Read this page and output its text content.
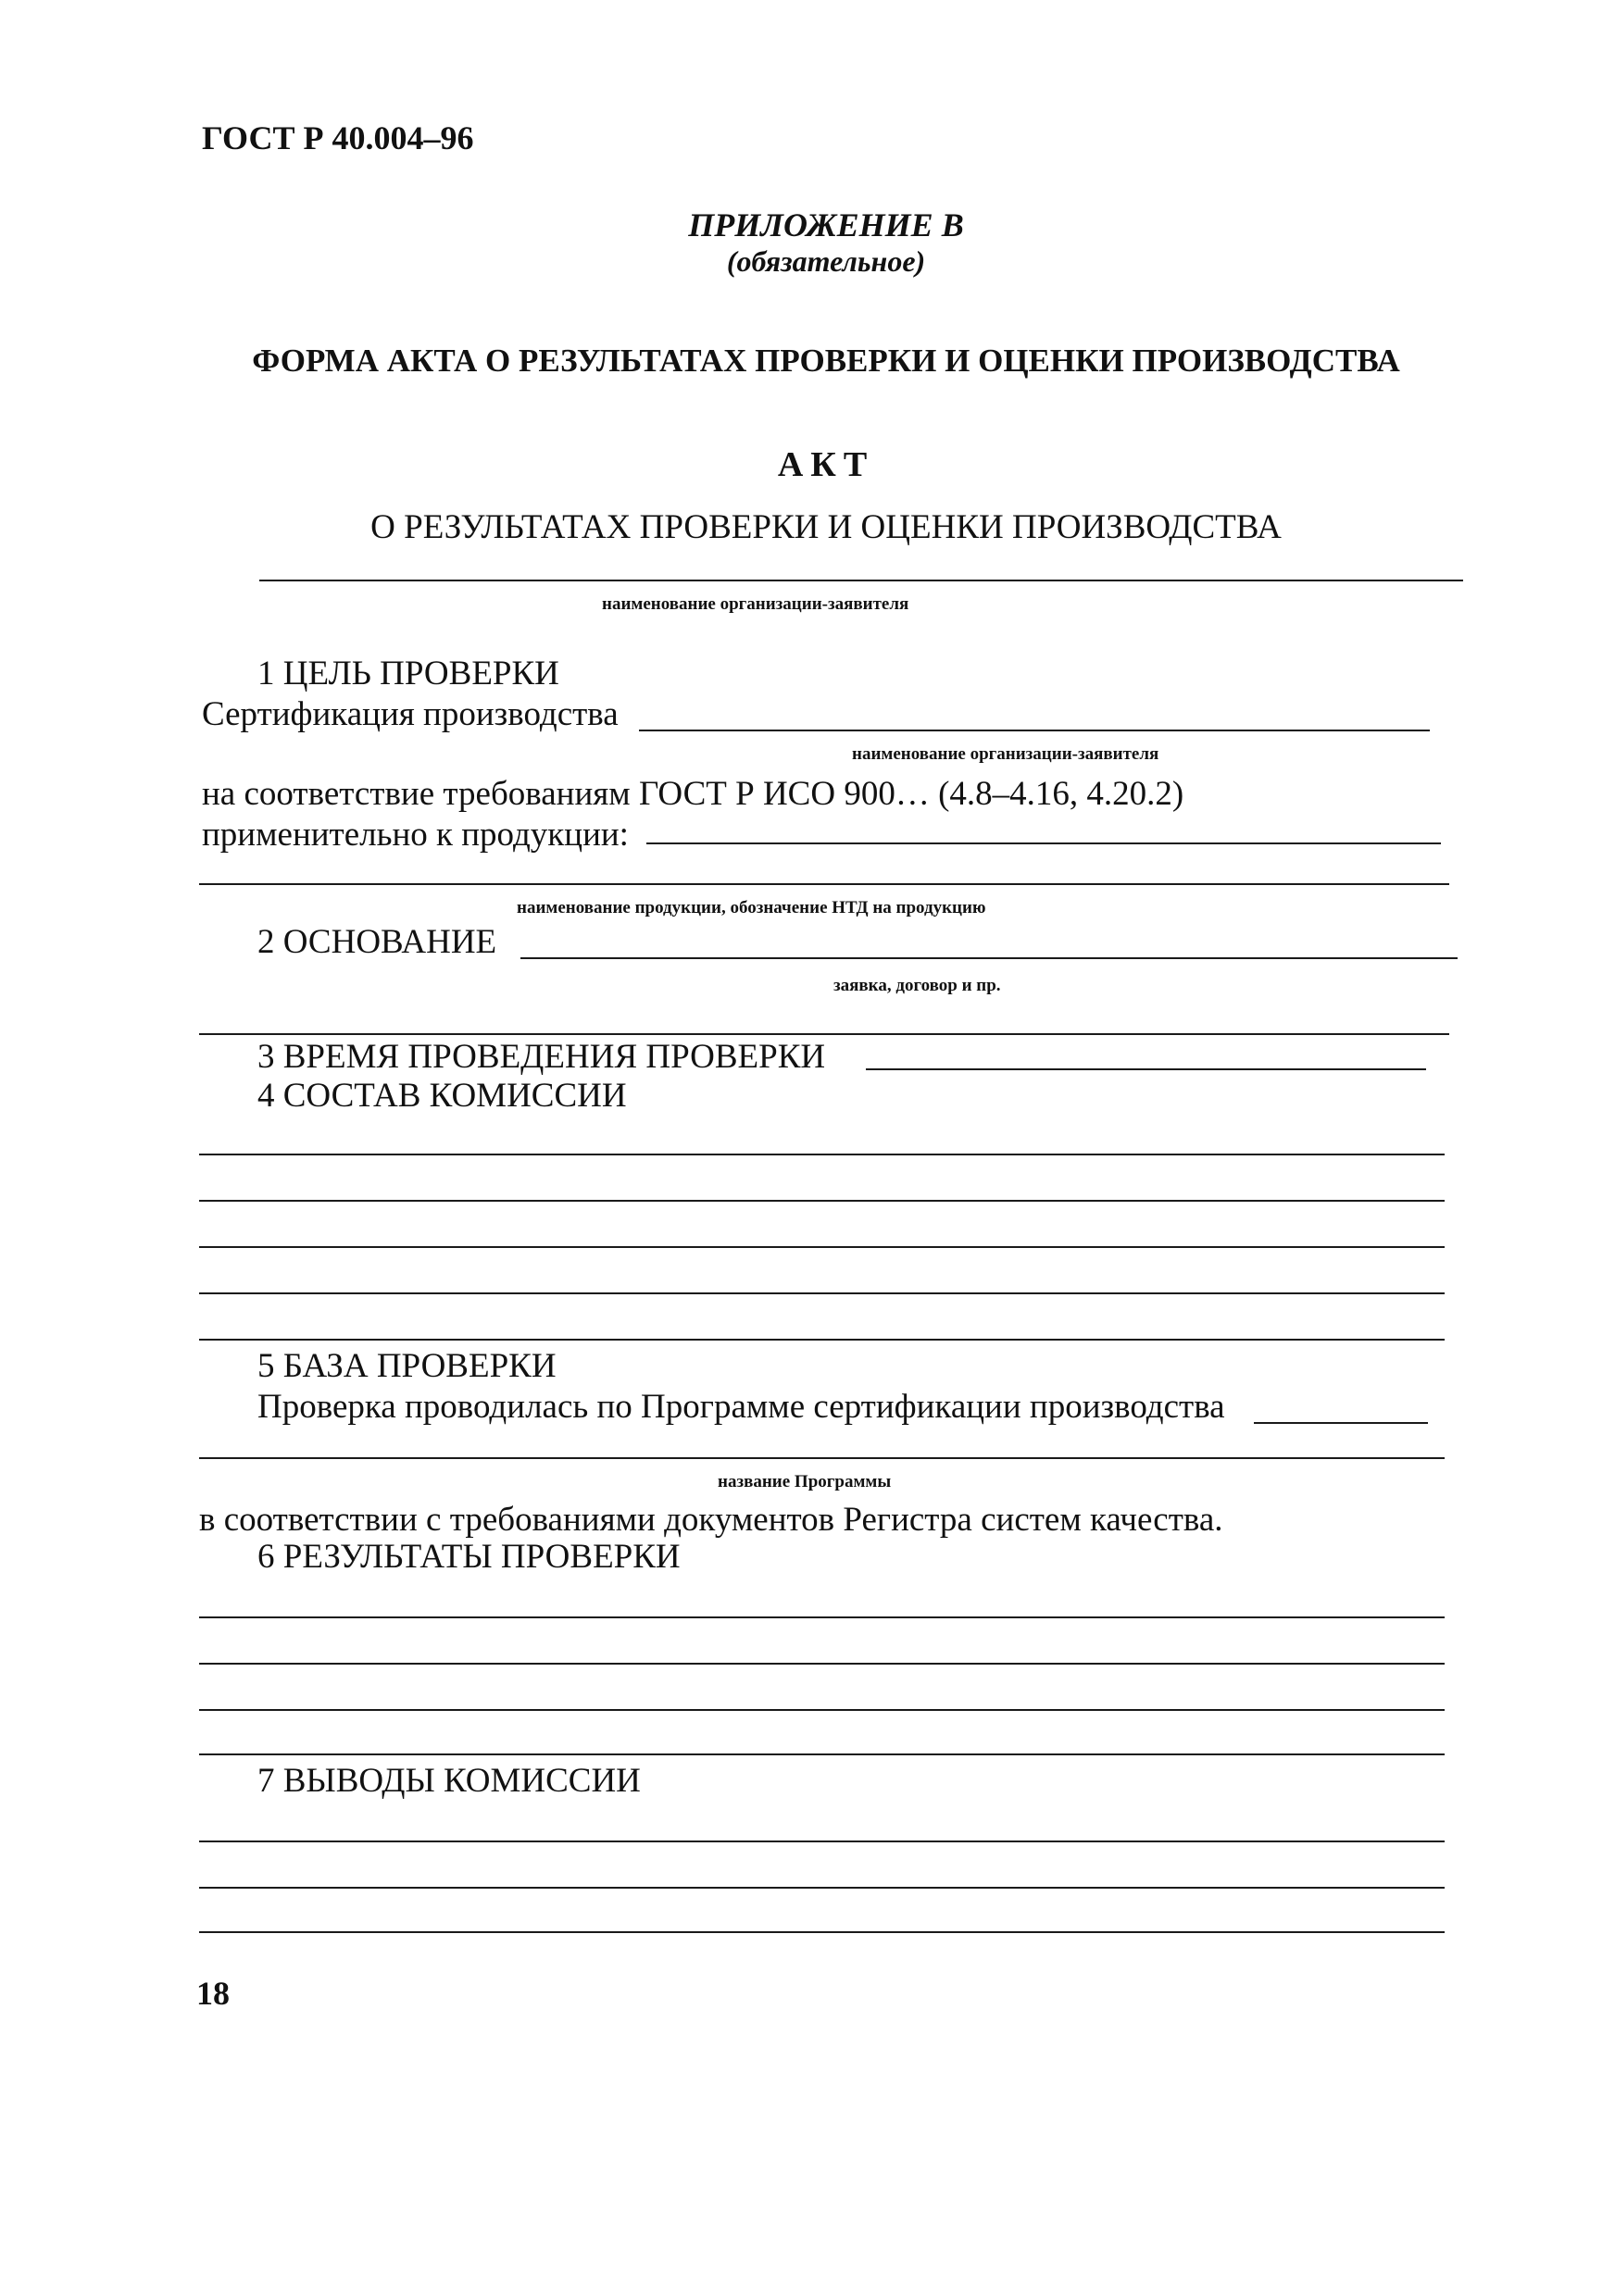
ГОСТ Р 40.004–96
ПРИЛОЖЕНИЕ В
(обязательное)
ФОРМА АКТА О РЕЗУЛЬТАТАХ ПРОВЕРКИ И ОЦЕНКИ ПРОИЗВОДСТВА
АКТ
О РЕЗУЛЬТАТАХ ПРОВЕРКИ И ОЦЕНКИ ПРОИЗВОДСТВА
наименование организации-заявителя
1 ЦЕЛЬ ПРОВЕРКИ
Сертификация производства
наименование организации-заявителя
на соответствие требованиям ГОСТ Р ИСО 900… (4.8–4.16, 4.20.2)
применительно к продукции:
наименование продукции, обозначение НТД на продукцию
2 ОСНОВАНИЕ
заявка, договор и пр.
3 ВРЕМЯ ПРОВЕДЕНИЯ ПРОВЕРКИ
4 СОСТАВ КОМИССИИ
5 БАЗА ПРОВЕРКИ
Проверка проводилась по Программе сертификации производства
название Программы
в соответствии с требованиями документов Регистра систем качества.
6 РЕЗУЛЬТАТЫ ПРОВЕРКИ
7 ВЫВОДЫ КОМИССИИ
18
